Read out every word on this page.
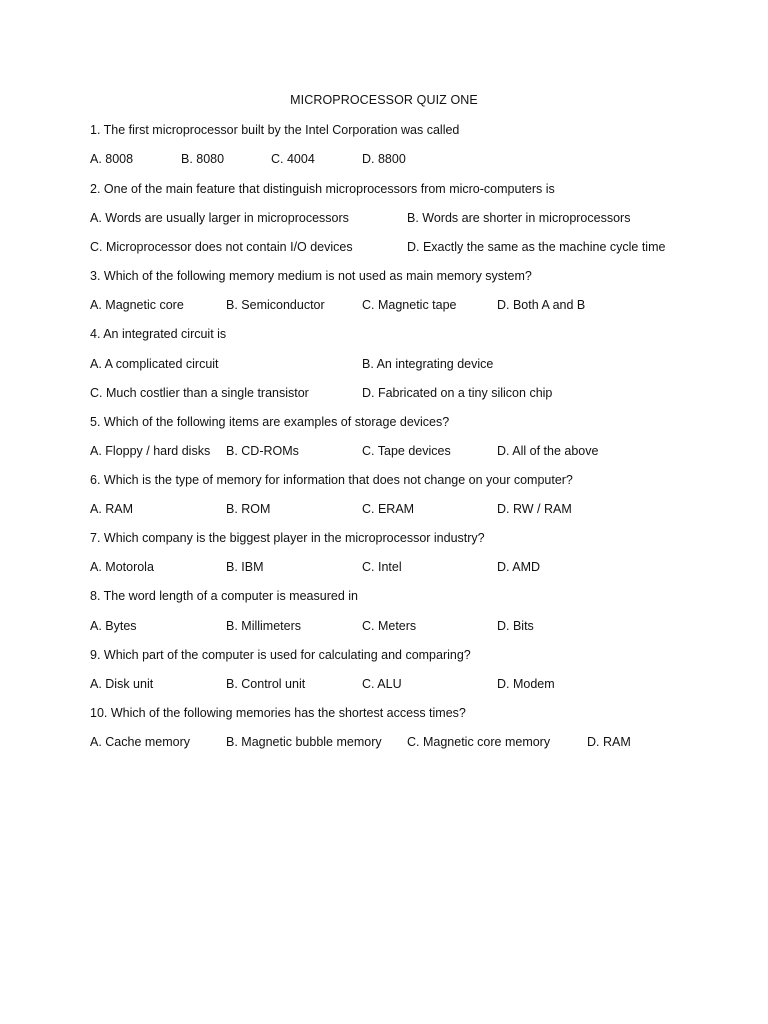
MICROPROCESSOR QUIZ ONE
1. The first microprocessor built by the Intel Corporation was called
A. 8008	B. 8080	C. 4004	D. 8800
2. One of the main feature that distinguish microprocessors from micro-computers is
A. Words are usually larger in microprocessors	B. Words are shorter in microprocessors
C. Microprocessor does not contain I/O devices	D. Exactly the same as the machine cycle time
3. Which of the following memory medium is not used as main memory system?
A. Magnetic core	B. Semiconductor	C. Magnetic tape	D. Both A and B
4. An integrated circuit is
A. A complicated circuit	B. An integrating device
C. Much costlier than a single transistor	D. Fabricated on a tiny silicon chip
5. Which of the following items are examples of storage devices?
A. Floppy / hard disks B. CD-ROMs	C. Tape devices	D. All of the above
6. Which is the type of memory for information that does not change on your computer?
A. RAM	B. ROM	C. ERAM	D. RW / RAM
7. Which company is the biggest player in the microprocessor industry?
A. Motorola	B. IBM	C. Intel	D. AMD
8. The word length of a computer is measured in
A. Bytes	B. Millimeters	C. Meters	D. Bits
9. Which part of the computer is used for calculating and comparing?
A. Disk unit	B. Control unit	C. ALU	D. Modem
10. Which of the following memories has the shortest access times?
A. Cache memory	B. Magnetic bubble memory C. Magnetic core memory	D. RAM
